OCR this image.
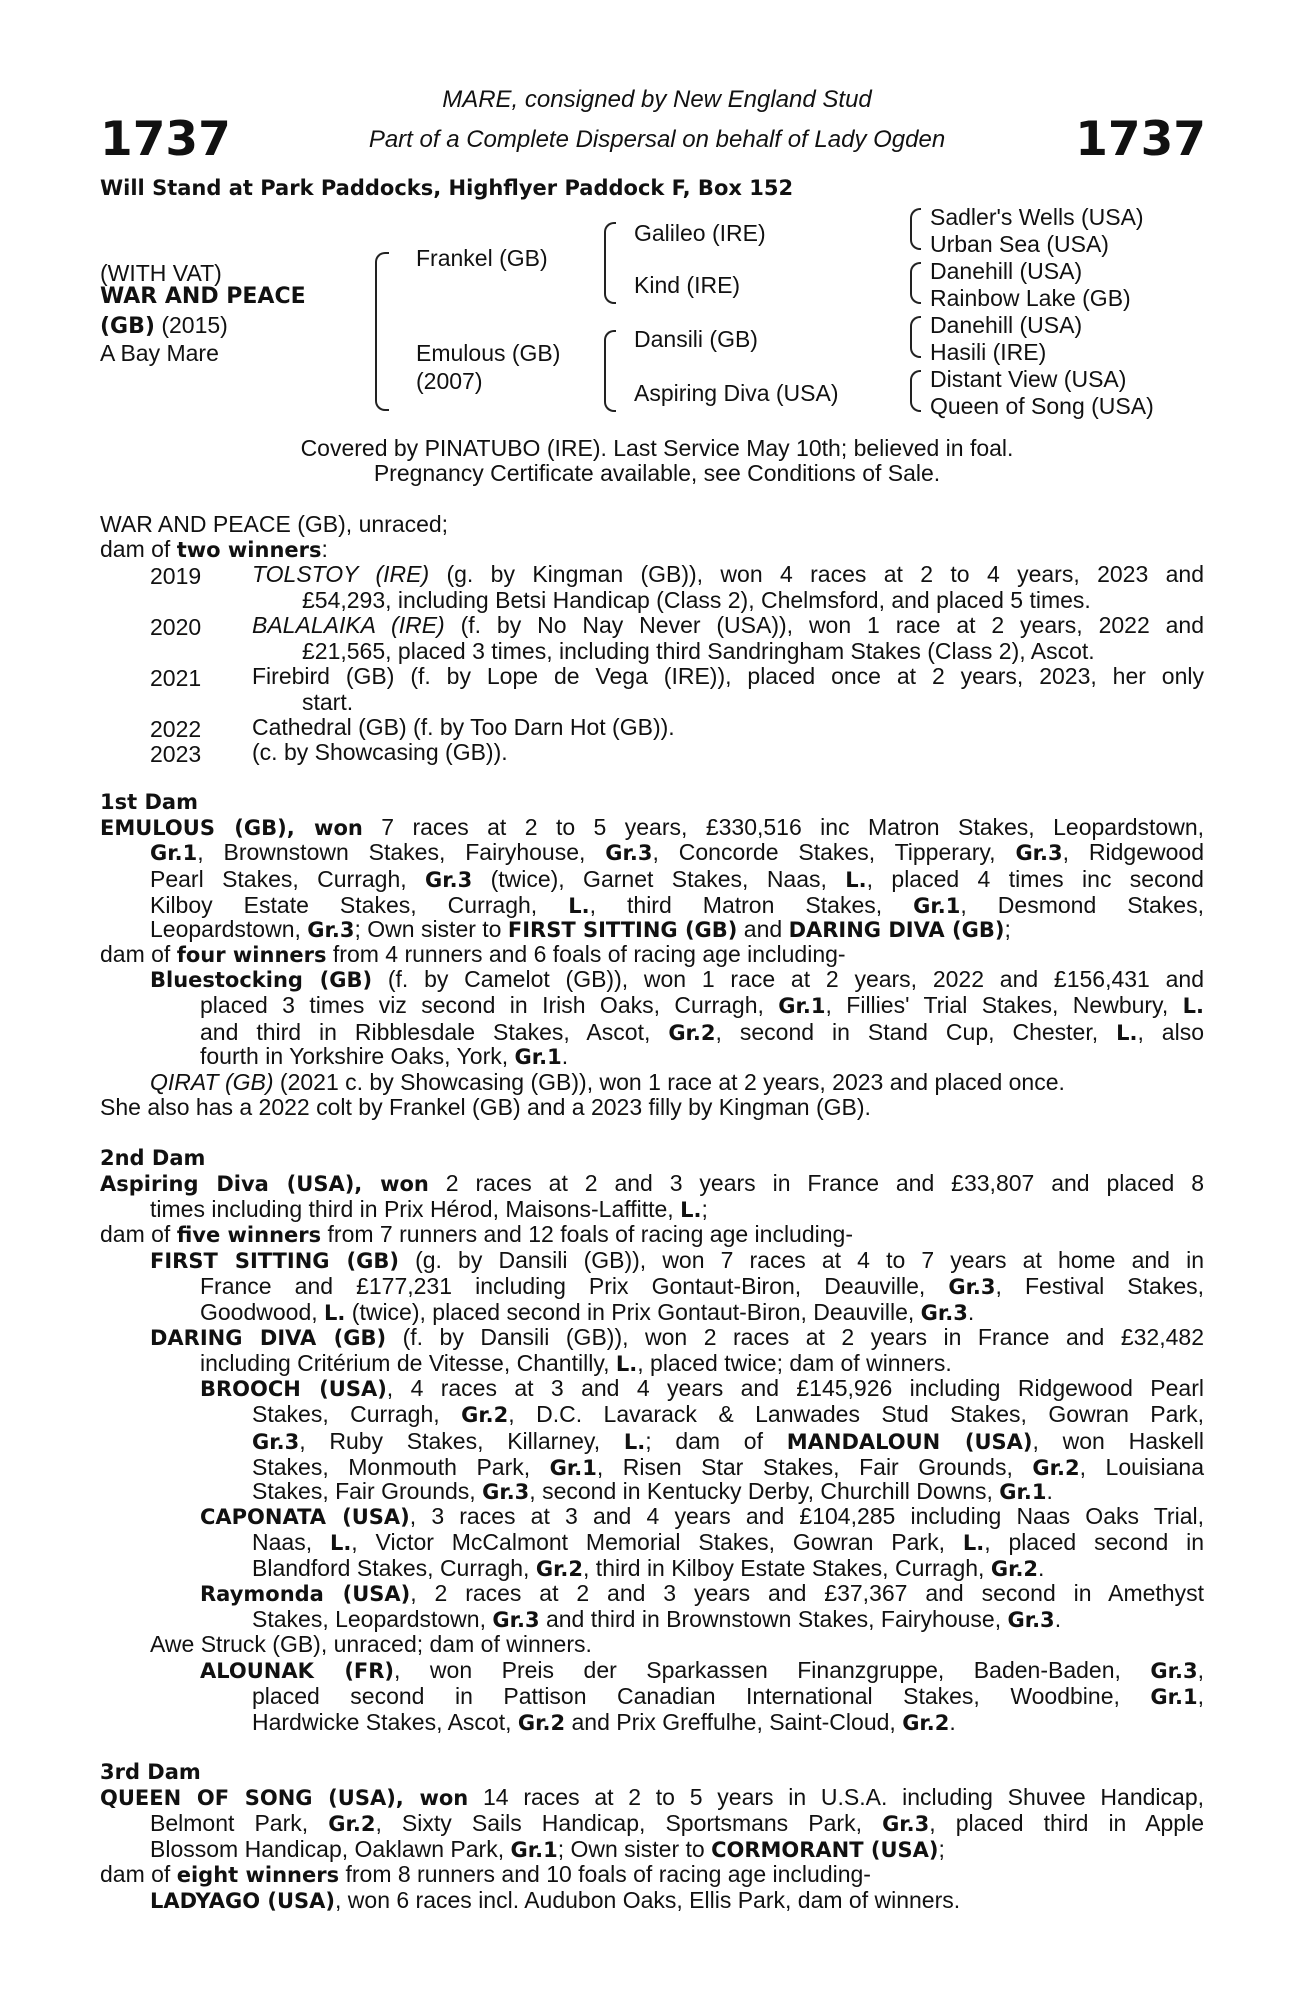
1737	1737
MARE, consigned by New England Stud
Part of a Complete Dispersal on behalf of Lady Ogden
Will Stand at Park Paddocks, Highflyer Paddock F, Box 152
(WITH VAT)
WAR AND PEACE
(GB) (2015)
A Bay Mare
Frankel (GB)
Emulous (GB)
(2007)
Galileo (IRE)
Kind (IRE)
Dansili (GB)
Aspiring Diva (USA)
Sadler's Wells (USA)
Urban Sea (USA)
Danehill (USA)
Rainbow Lake (GB)
Danehill (USA)
Hasili (IRE)
Distant View (USA)
Queen of Song (USA)
Covered by PINATUBO (IRE). Last Service May 10th; believed in foal.
Pregnancy Certificate available, see Conditions of Sale.
WAR AND PEACE (GB), unraced;
dam of two winners:
2019 TOLSTOY (IRE) (g. by Kingman (GB)), won 4 races at 2 to 4 years, 2023 and
£54,293, including Betsi Handicap (Class 2), Chelmsford, and placed 5 times.
2020 BALALAIKA (IRE) (f. by No Nay Never (USA)), won 1 race at 2 years, 2022 and
£21,565, placed 3 times, including third Sandringham Stakes (Class 2), Ascot.
2021 Firebird (GB) (f. by Lope de Vega (IRE)), placed once at 2 years, 2023, her only
start.
2022 Cathedral (GB) (f. by Too Darn Hot (GB)).
2023 (c. by Showcasing (GB)).
1st Dam
EMULOUS (GB), won 7 races at 2 to 5 years, £330,516 inc Matron Stakes, Leopardstown,
Gr.1, Brownstown Stakes, Fairyhouse, Gr.3, Concorde Stakes, Tipperary, Gr.3, Ridgewood
Pearl Stakes, Curragh, Gr.3 (twice), Garnet Stakes, Naas, L., placed 4 times inc second
Kilboy Estate Stakes, Curragh, L., third Matron Stakes, Gr.1, Desmond Stakes,
Leopardstown, Gr.3; Own sister to FIRST SITTING (GB) and DARING DIVA (GB);
dam of four winners from 4 runners and 6 foals of racing age including-
Bluestocking (GB) (f. by Camelot (GB)), won 1 race at 2 years, 2022 and £156,431 and
placed 3 times viz second in Irish Oaks, Curragh, Gr.1, Fillies' Trial Stakes, Newbury, L.
and third in Ribblesdale Stakes, Ascot, Gr.2, second in Stand Cup, Chester, L., also
fourth in Yorkshire Oaks, York, Gr.1.
QIRAT (GB) (2021 c. by Showcasing (GB)), won 1 race at 2 years, 2023 and placed once.
She also has a 2022 colt by Frankel (GB) and a 2023 filly by Kingman (GB).
2nd Dam
Aspiring Diva (USA), won 2 races at 2 and 3 years in France and £33,807 and placed 8
times including third in Prix Hérod, Maisons-Laffitte, L.;
dam of five winners from 7 runners and 12 foals of racing age including-
FIRST SITTING (GB) (g. by Dansili (GB)), won 7 races at 4 to 7 years at home and in
France and £177,231 including Prix Gontaut-Biron, Deauville, Gr.3, Festival Stakes,
Goodwood, L. (twice), placed second in Prix Gontaut-Biron, Deauville, Gr.3.
DARING DIVA (GB) (f. by Dansili (GB)), won 2 races at 2 years in France and £32,482
including Critérium de Vitesse, Chantilly, L., placed twice; dam of winners.
BROOCH (USA), 4 races at 3 and 4 years and £145,926 including Ridgewood Pearl
Stakes, Curragh, Gr.2, D.C. Lavarack & Lanwades Stud Stakes, Gowran Park,
Gr.3, Ruby Stakes, Killarney, L.; dam of MANDALOUN (USA), won Haskell
Stakes, Monmouth Park, Gr.1, Risen Star Stakes, Fair Grounds, Gr.2, Louisiana
Stakes, Fair Grounds, Gr.3, second in Kentucky Derby, Churchill Downs, Gr.1.
CAPONATA (USA), 3 races at 3 and 4 years and £104,285 including Naas Oaks Trial,
Naas, L., Victor McCalmont Memorial Stakes, Gowran Park, L., placed second in
Blandford Stakes, Curragh, Gr.2, third in Kilboy Estate Stakes, Curragh, Gr.2.
Raymonda (USA), 2 races at 2 and 3 years and £37,367 and second in Amethyst
Stakes, Leopardstown, Gr.3 and third in Brownstown Stakes, Fairyhouse, Gr.3.
Awe Struck (GB), unraced; dam of winners.
ALOUNAK (FR), won Preis der Sparkassen Finanzgruppe, Baden-Baden, Gr.3,
placed second in Pattison Canadian International Stakes, Woodbine, Gr.1,
Hardwicke Stakes, Ascot, Gr.2 and Prix Greffulhe, Saint-Cloud, Gr.2.
3rd Dam
QUEEN OF SONG (USA), won 14 races at 2 to 5 years in U.S.A. including Shuvee Handicap,
Belmont Park, Gr.2, Sixty Sails Handicap, Sportsmans Park, Gr.3, placed third in Apple
Blossom Handicap, Oaklawn Park, Gr.1; Own sister to CORMORANT (USA);
dam of eight winners from 8 runners and 10 foals of racing age including-
LADYAGO (USA), won 6 races incl. Audubon Oaks, Ellis Park, dam of winners.
